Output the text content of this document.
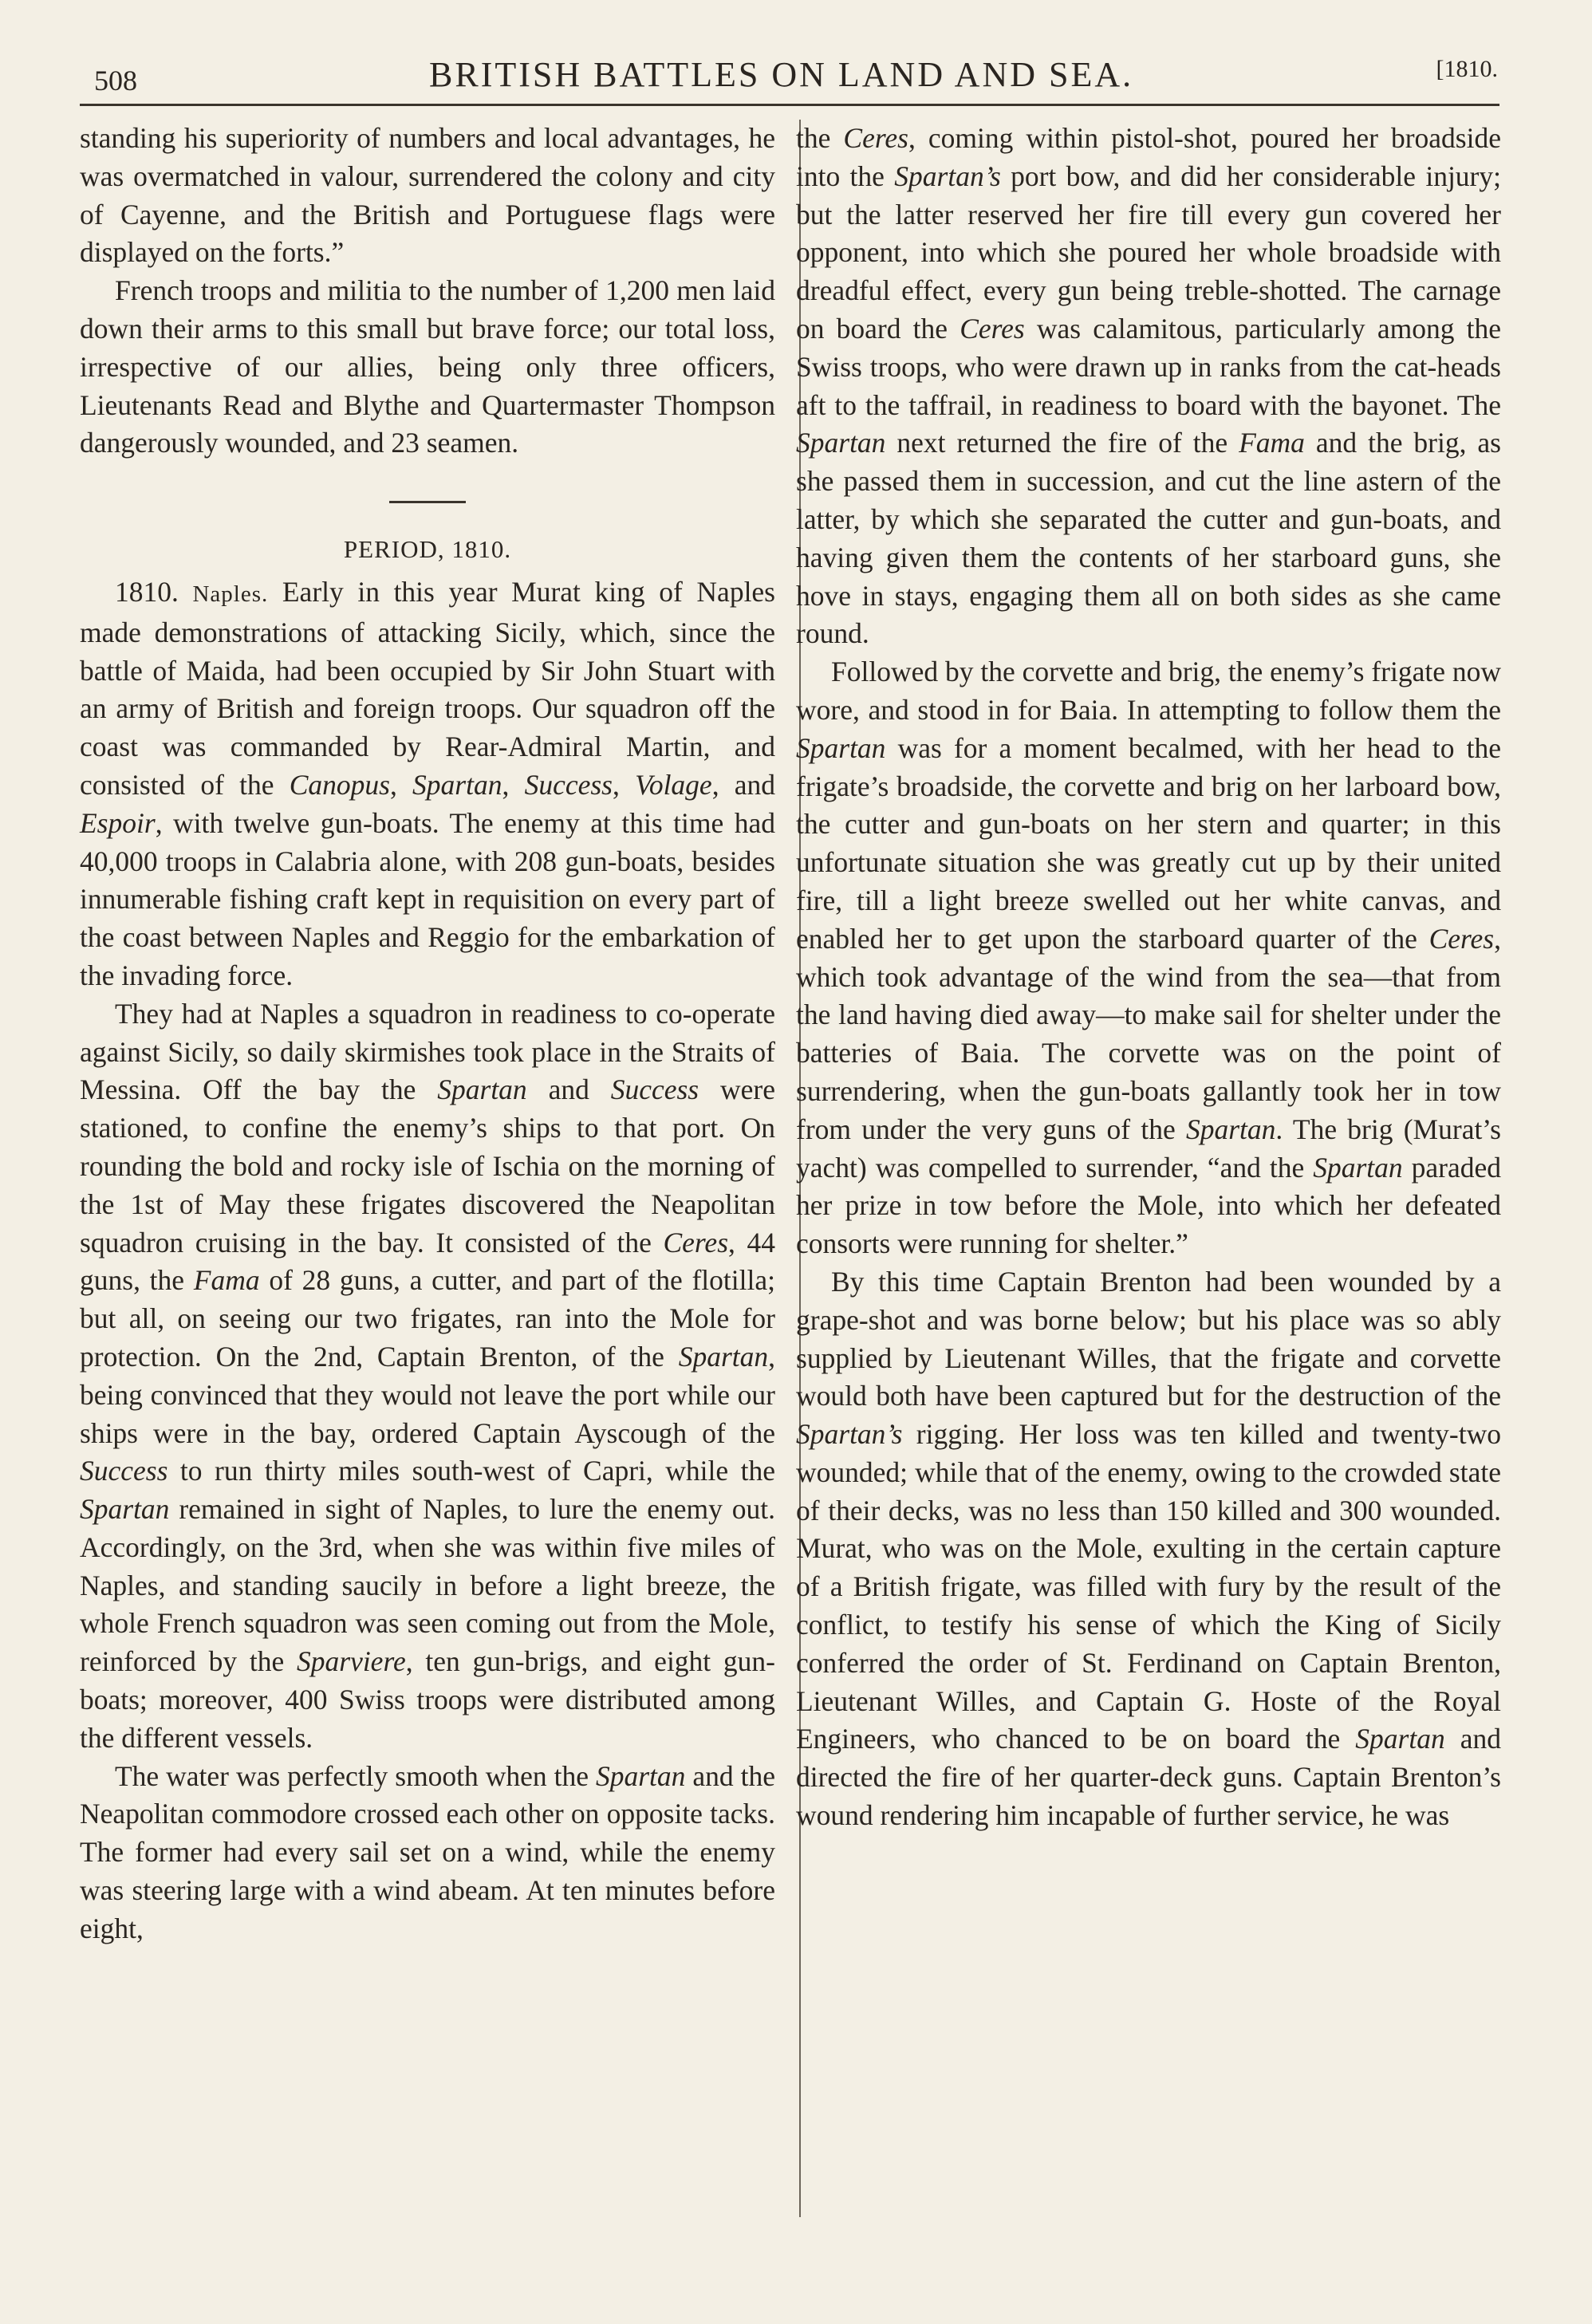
508	BRITISH BATTLES ON LAND AND SEA.	[1810.

standing his superiority of numbers and local advantages, he was overmatched in valour, surrendered the colony and city of Cayenne, and the British and Portuguese flags were displayed on the forts.”

French troops and militia to the number of 1,200 men laid down their arms to this small but brave force; our total loss, irrespective of our allies, being only three officers, Lieutenants Read and Blythe and Quartermaster Thompson dangerously wounded, and 23 seamen.

PERIOD, 1810.

1810. Naples. Early in this year Murat king of Naples made demonstrations of attacking Sicily, which, since the battle of Maida, had been occupied by Sir John Stuart with an army of British and foreign troops. Our squadron off the coast was commanded by Rear-Admiral Martin, and consisted of the Canopus, Spartan, Success, Volage, and Espoir, with twelve gun-boats. The enemy at this time had 40,000 troops in Calabria alone, with 208 gun-boats, besides innumerable fishing craft kept in requisition on every part of the coast between Naples and Reggio for the embarkation of the invading force.

They had at Naples a squadron in readiness to co-operate against Sicily, so daily skirmishes took place in the Straits of Messina. Off the bay the Spartan and Success were stationed, to confine the enemy’s ships to that port. On rounding the bold and rocky isle of Ischia on the morning of the 1st of May these frigates discovered the Neapolitan squadron cruising in the bay. It consisted of the Ceres, 44 guns, the Fama of 28 guns, a cutter, and part of the flotilla; but all, on seeing our two frigates, ran into the Mole for protection. On the 2nd, Captain Brenton, of the Spartan, being convinced that they would not leave the port while our ships were in the bay, ordered Captain Ayscough of the Success to run thirty miles south-west of Capri, while the Spartan remained in sight of Naples, to lure the enemy out. Accordingly, on the 3rd, when she was within five miles of Naples, and standing saucily in before a light breeze, the whole French squadron was seen coming out from the Mole, reinforced by the Sparviere, ten gun-brigs, and eight gun-boats; moreover, 400 Swiss troops were distributed among the different vessels.

The water was perfectly smooth when the Spartan and the Neapolitan commodore crossed each other on opposite tacks. The former had every sail set on a wind, while the enemy was steering large with a wind abeam. At ten minutes before eight,

the Ceres, coming within pistol-shot, poured her broadside into the Spartan’s port bow, and did her considerable injury; but the latter reserved her fire till every gun covered her opponent, into which she poured her whole broadside with dreadful effect, every gun being treble-shotted. The carnage on board the Ceres was calamitous, particularly among the Swiss troops, who were drawn up in ranks from the cat-heads aft to the taffrail, in readiness to board with the bayonet. The Spartan next returned the fire of the Fama and the brig, as she passed them in succession, and cut the line astern of the latter, by which she separated the cutter and gun-boats, and having given them the contents of her starboard guns, she hove in stays, engaging them all on both sides as she came round.

Followed by the corvette and brig, the enemy’s frigate now wore, and stood in for Baia. In attempting to follow them the Spartan was for a moment becalmed, with her head to the frigate’s broadside, the corvette and brig on her larboard bow, the cutter and gun-boats on her stern and quarter; in this unfortunate situation she was greatly cut up by their united fire, till a light breeze swelled out her white canvas, and enabled her to get upon the starboard quarter of the Ceres, which took advantage of the wind from the sea—that from the land having died away—to make sail for shelter under the batteries of Baia. The corvette was on the point of surrendering, when the gun-boats gallantly took her in tow from under the very guns of the Spartan. The brig (Murat’s yacht) was compelled to surrender, “and the Spartan paraded her prize in tow before the Mole, into which her defeated consorts were running for shelter.”

By this time Captain Brenton had been wounded by a grape-shot and was borne below; but his place was so ably supplied by Lieutenant Willes, that the frigate and corvette would both have been captured but for the destruction of the Spartan’s rigging. Her loss was ten killed and twenty-two wounded; while that of the enemy, owing to the crowded state of their decks, was no less than 150 killed and 300 wounded. Murat, who was on the Mole, exulting in the certain capture of a British frigate, was filled with fury by the result of the conflict, to testify his sense of which the King of Sicily conferred the order of St. Ferdinand on Captain Brenton, Lieutenant Willes, and Captain G. Hoste of the Royal Engineers, who chanced to be on board the Spartan and directed the fire of her quarter-deck guns. Captain Brenton’s wound rendering him incapable of further service, he was
